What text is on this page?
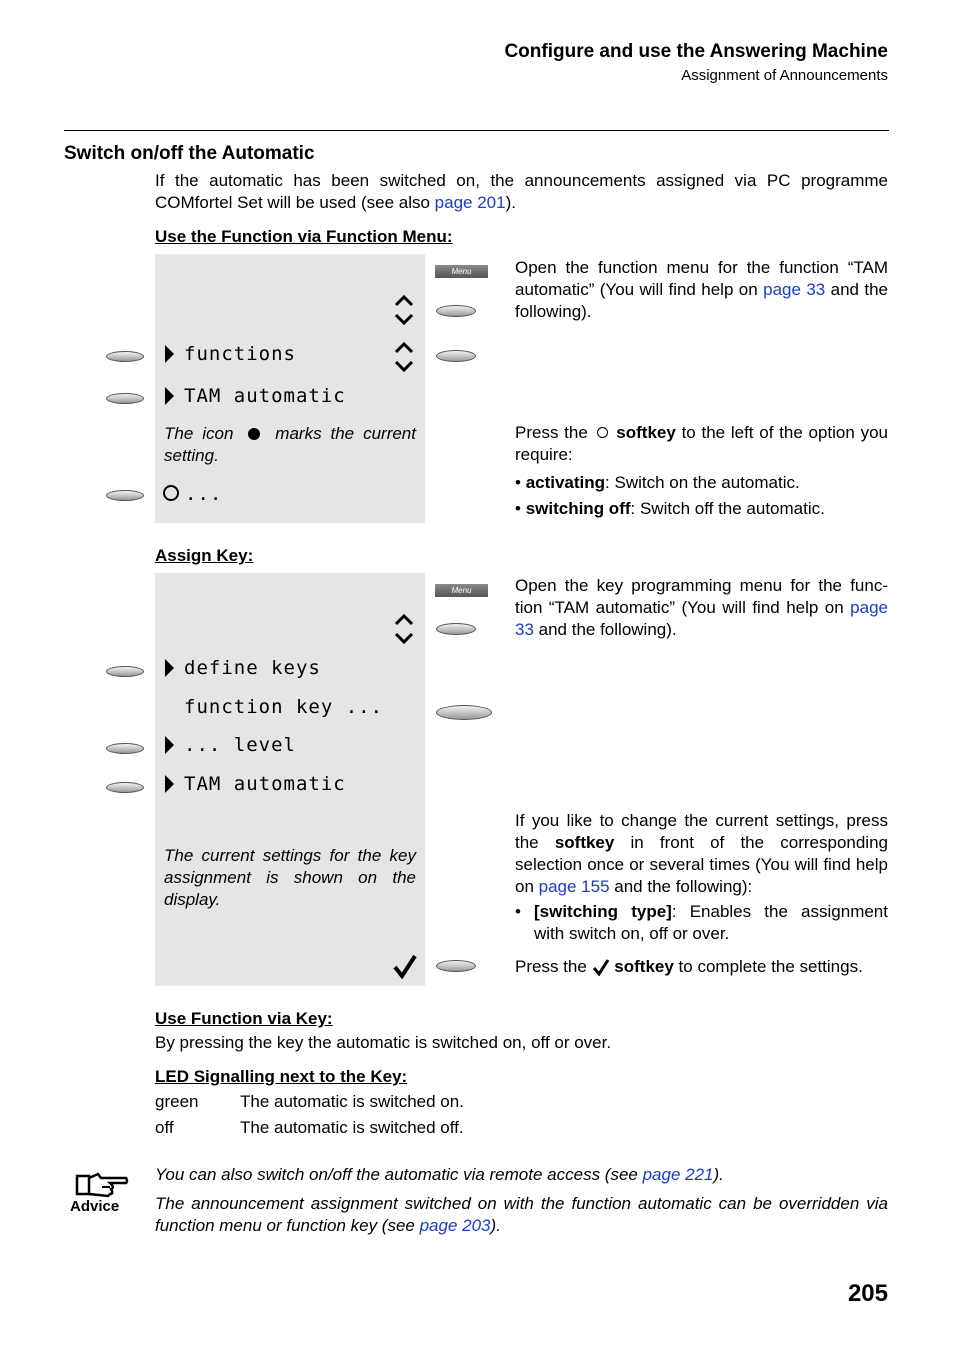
Configure and use the Answering Machine
Assignment of Announcements
Switch on/off the Automatic
If the automatic has been switched on, the announcements assigned via PC programme COMfortel Set will be used (see also page 201).
Use the Function via Function Menu:
functions
TAM automatic
The icon marks the current setting.
...
Menu	Open the function menu for the function “TAM automatic” (You will find help on page 33 and the following).
Press the softkey to the left of the option you require:
• activating: Switch on the automatic.
• switching off: Switch off the automatic.
Assign Key:
define keys
function key ...
... level
TAM automatic
The current settings for the key assignment is shown on the display.
Menu	Open the key programming menu for the func- tion “TAM automatic” (You will find help on page 33 and the following).
If you like to change the current settings, press the softkey in front of the corresponding selection once or several times (You will find help on page 155 and the following):
• [switching type]: Enables the assignment with switch on, off or over.
Press the softkey to complete the settings.
Use Function via Key:
By pressing the key the automatic is switched on, off or over.
LED Signalling next to the Key:
green The automatic is switched on.
off	The automatic is switched off.
Advice
You can also switch on/off the automatic via remote access (see page 221).
The announcement assignment switched on with the function automatic can be overridden via function menu or function key (see page 203).
205
